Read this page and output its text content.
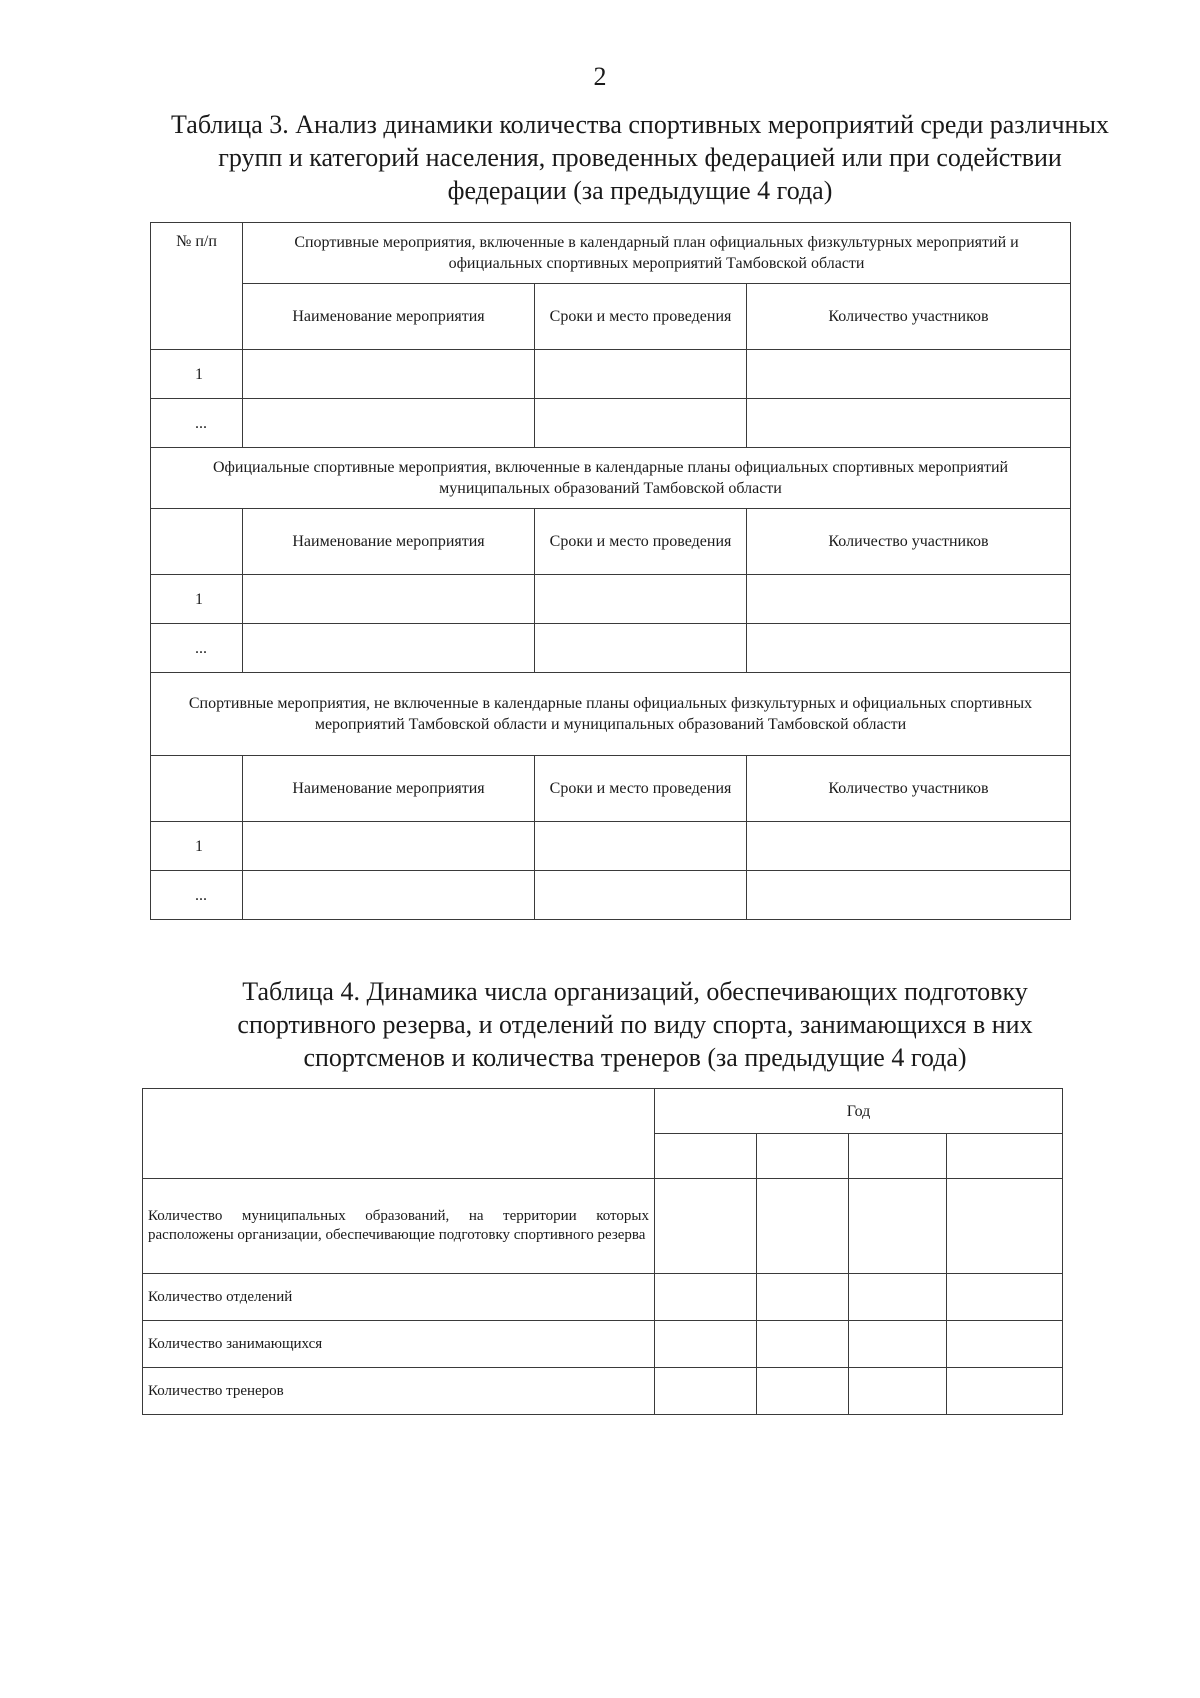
2
Таблица 3. Анализ динамики количества спортивных мероприятий среди различных групп и категорий населения, проведенных федерацией или при содействии федерации (за предыдущие 4 года)
№ п/п	Спортивные мероприятия, включенные в календарный план официальных физкультурных мероприятий и официальных спортивных мероприятий Тамбовской области		
	Наименование мероприятия	Сроки и место проведения	Количество участников
1			
...			
Официальные спортивные мероприятия, включенные в календарные планы официальных спортивных мероприятий муниципальных образований Тамбовской области			
	Наименование мероприятия	Сроки и место проведения	Количество участников
1			
...			
Спортивные мероприятия, не включенные в календарные планы официальных физкультурных и официальных спортивных мероприятий Тамбовской области и муниципальных образований Тамбовской области			
	Наименование мероприятия	Сроки и место проведения	Количество участников
1			
...			
Таблица 4. Динамика числа организаций, обеспечивающих подготовку спортивного резерва, и отделений по виду спорта, занимающихся в них спортсменов и количества тренеров (за предыдущие 4 года)
	Год			

Количество муниципальных образований, на территории которых расположены организации, обеспечивающие подготовку спортивного резерва				
Количество отделений				
Количество занимающихся				
Количество тренеров				
